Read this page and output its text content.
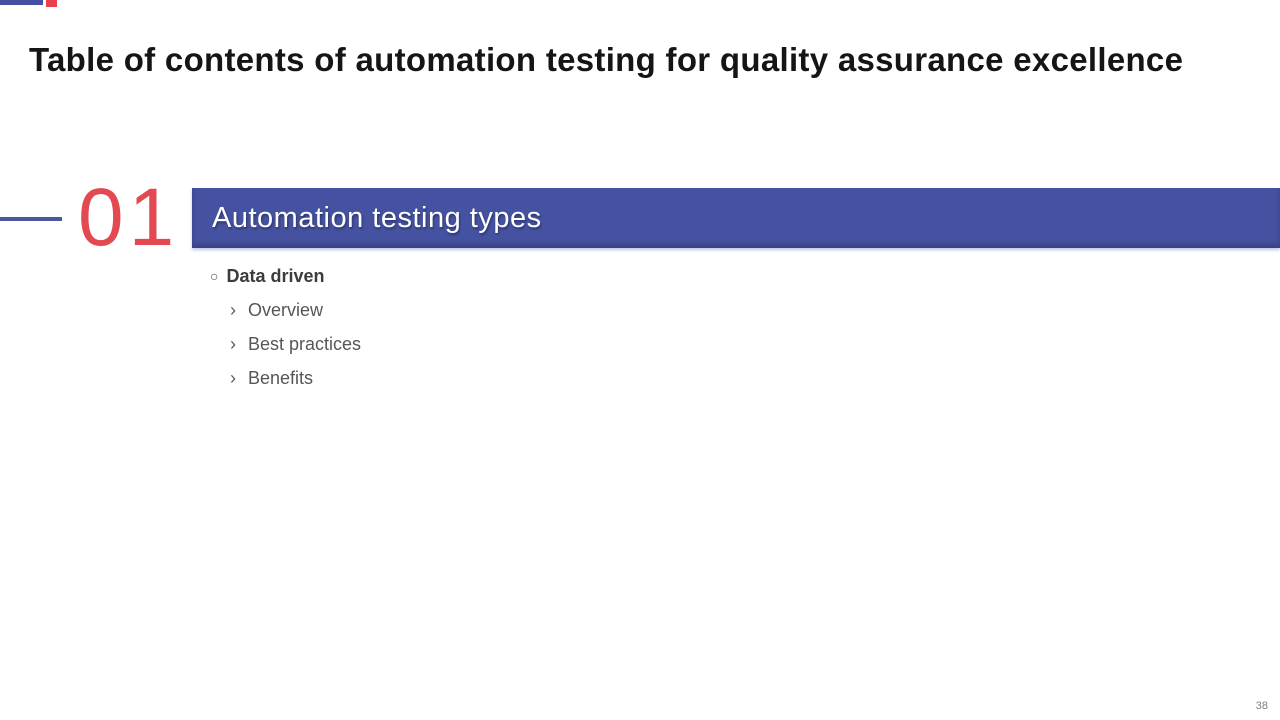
Table of contents of automation testing for quality assurance excellence
01	Automation testing types
○ Data driven
› Overview
› Best practices
› Benefits
38
